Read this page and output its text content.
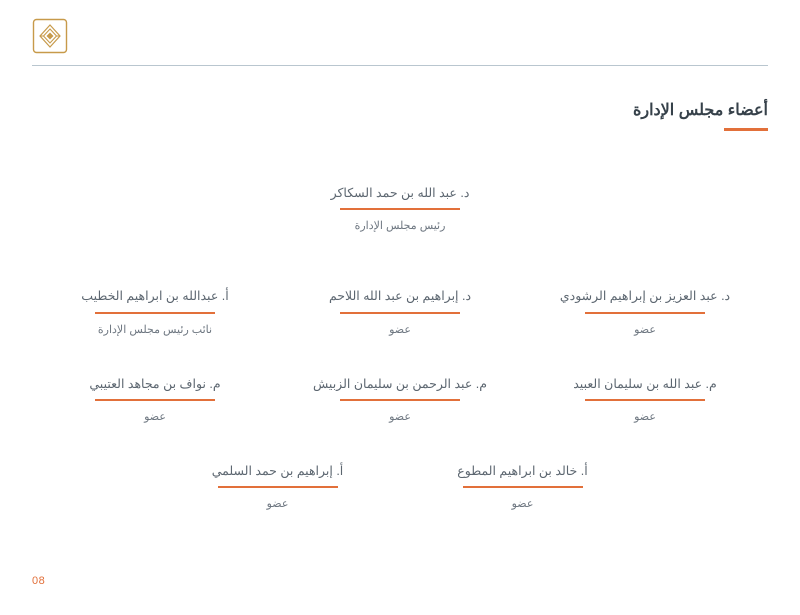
أعضاء مجلس الإدارة
د. عبد الله بن حمد السكاكر
رئيس مجلس الإدارة
أ. عبدالله بن ابراهيم الخطيب
نائب رئيس مجلس الإدارة
د. إبراهيم بن عبد الله اللاحم
عضو
د. عبد العزيز بن إبراهيم الرشودي
عضو
م. نواف بن مجاهد العتيبي
عضو
م. عبد الرحمن بن سليمان الزبيش
عضو
م. عبد الله بن سليمان العبيد
عضو
أ. إبراهيم بن حمد السلمي
عضو
أ. خالد بن ابراهيم المطوع
عضو
08
